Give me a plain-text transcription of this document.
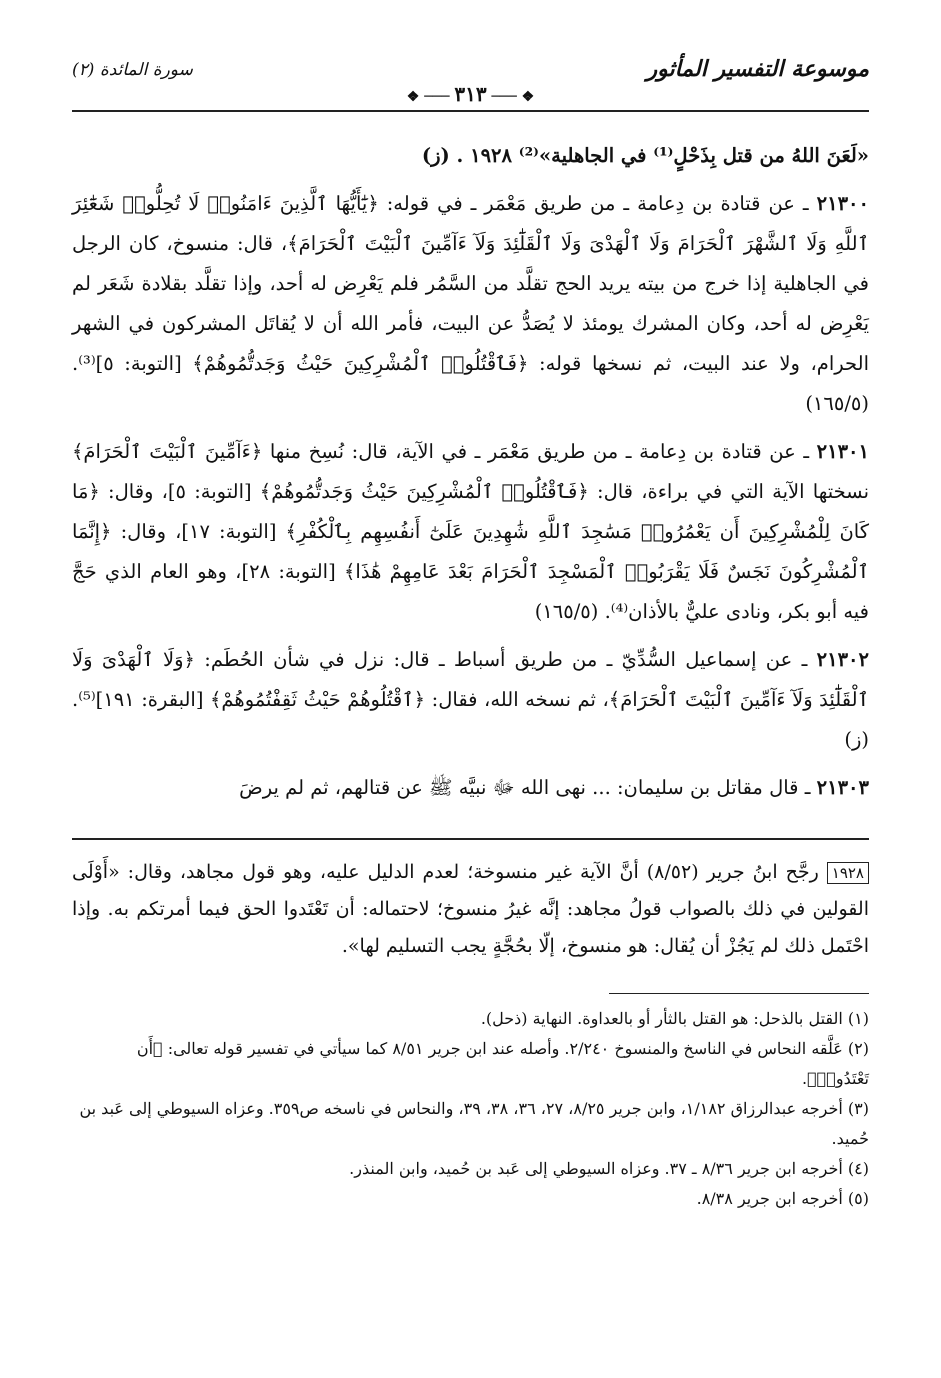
موسوعة التفسير المأثور
سورة المائدة (٢)
❖ ─── ٣١٣ ─── ❖

«لَعَنَ اللهُ من قتل بِذَحْلٍ⁽¹⁾ في الجاهلية»⁽²⁾ ١٩٢٨ . (ز)

٢١٣٠٠ ـ عن قتادة بن دِعامة ـ من طريق مَعْمَر ـ في قوله: ﴿يَٰٓأَيُّهَا ٱلَّذِينَ ءَامَنُوا۟ لَا تُحِلُّوا۟ شَعَٰٓئِرَ ٱللَّهِ وَلَا ٱلشَّهْرَ ٱلْحَرَامَ وَلَا ٱلْهَدْىَ وَلَا ٱلْقَلَٰٓئِدَ وَلَآ ءَآمِّينَ ٱلْبَيْتَ ٱلْحَرَامَ﴾، قال: منسوخ، كان الرجل في الجاهلية إذا خرج من بيته يريد الحج تقلَّد من السَّمُر فلم يَعْرِض له أحد، وإذا تقلَّد بقلادة شَعَر لم يَعْرِض له أحد، وكان المشرك يومئذ لا يُصَدُّ عن البيت، فأمر الله أن لا يُقاتَل المشركون في الشهر الحرام، ولا عند البيت، ثم نسخها قوله: ﴿فَٱقْتُلُوا۟ ٱلْمُشْرِكِينَ حَيْثُ وَجَدتُّمُوهُمْ﴾ [التوبة: ٥]⁽³⁾. (١٦٥/٥)

٢١٣٠١ ـ عن قتادة بن دِعامة ـ من طريق مَعْمَر ـ في الآية، قال: نُسِخ منها ﴿ءَآمِّينَ ٱلْبَيْتَ ٱلْحَرَامَ﴾ نسختها الآية التي في براءة، قال: ﴿فَٱقْتُلُوا۟ ٱلْمُشْرِكِينَ حَيْثُ وَجَدتُّمُوهُمْ﴾ [التوبة: ٥]، وقال: ﴿مَا كَانَ لِلْمُشْرِكِينَ أَن يَعْمُرُوا۟ مَسَٰجِدَ ٱللَّهِ شَٰهِدِينَ عَلَىٰٓ أَنفُسِهِم بِٱلْكُفْرِ﴾ [التوبة: ١٧]، وقال: ﴿إِنَّمَا ٱلْمُشْرِكُونَ نَجَسٌ فَلَا يَقْرَبُوا۟ ٱلْمَسْجِدَ ٱلْحَرَامَ بَعْدَ عَامِهِمْ هَٰذَا﴾ [التوبة: ٢٨]، وهو العام الذي حَجَّ فيه أبو بكر، ونادى عليٌّ بالأذان⁽⁴⁾. (١٦٥/٥)

٢١٣٠٢ ـ عن إسماعيل السُّدِّيّ ـ من طريق أسباط ـ قال: نزل في شأن الحُطَم: ﴿وَلَا ٱلْهَدْىَ وَلَا ٱلْقَلَٰٓئِدَ وَلَآ ءَآمِّينَ ٱلْبَيْتَ ٱلْحَرَامَ﴾، ثم نسخه الله، فقال: ﴿ٱقْتُلُوهُمْ حَيْثُ ثَقِفْتُمُوهُمْ﴾ [البقرة: ١٩١]⁽⁵⁾. (ز)

٢١٣٠٣ ـ قال مقاتل بن سليمان: ... نهى الله ﷻ نبيَّه ﷺ عن قتالهم، ثم لم يرضَ

١٩٢٨ رجَّح ابنُ جرير (٨/٥٢) أنَّ الآية غير منسوخة؛ لعدم الدليل عليه، وهو قول مجاهد، وقال: «أَوْلَى القولين في ذلك بالصواب قولُ مجاهد: إنَّه غيرُ منسوخ؛ لاحتماله: أن تَعْتَدوا الحق فيما أمرتكم به. وإذا احْتَمل ذلك لم يَجُزْ أن يُقال: هو منسوخ، إلّا بحُجَّةٍ يجب التسليم لها».

(١) القتل بالذحل: هو القتل بالثأر أو بالعداوة. النهاية (ذحل).

(٢) عَلَّقه النحاس في الناسخ والمنسوخ ٢/٢٤٠. وأصله عند ابن جرير ٨/٥١ كما سيأتي في تفسير قوله تعالى: ﴿أَن تَعْتَدُوا۟﴾.

(٣) أخرجه عبدالرزاق ١/١٨٢، وابن جرير ٨/٢٥، ٢٧، ٣٦، ٣٨، ٣٩، والنحاس في ناسخه ص٣٥٩. وعزاه السيوطي إلى عَبد بن حُميد.

(٤) أخرجه ابن جرير ٨/٣٦ ـ ٣٧. وعزاه السيوطي إلى عَبد بن حُميد، وابن المنذر.

(٥) أخرجه ابن جرير ٨/٣٨.
